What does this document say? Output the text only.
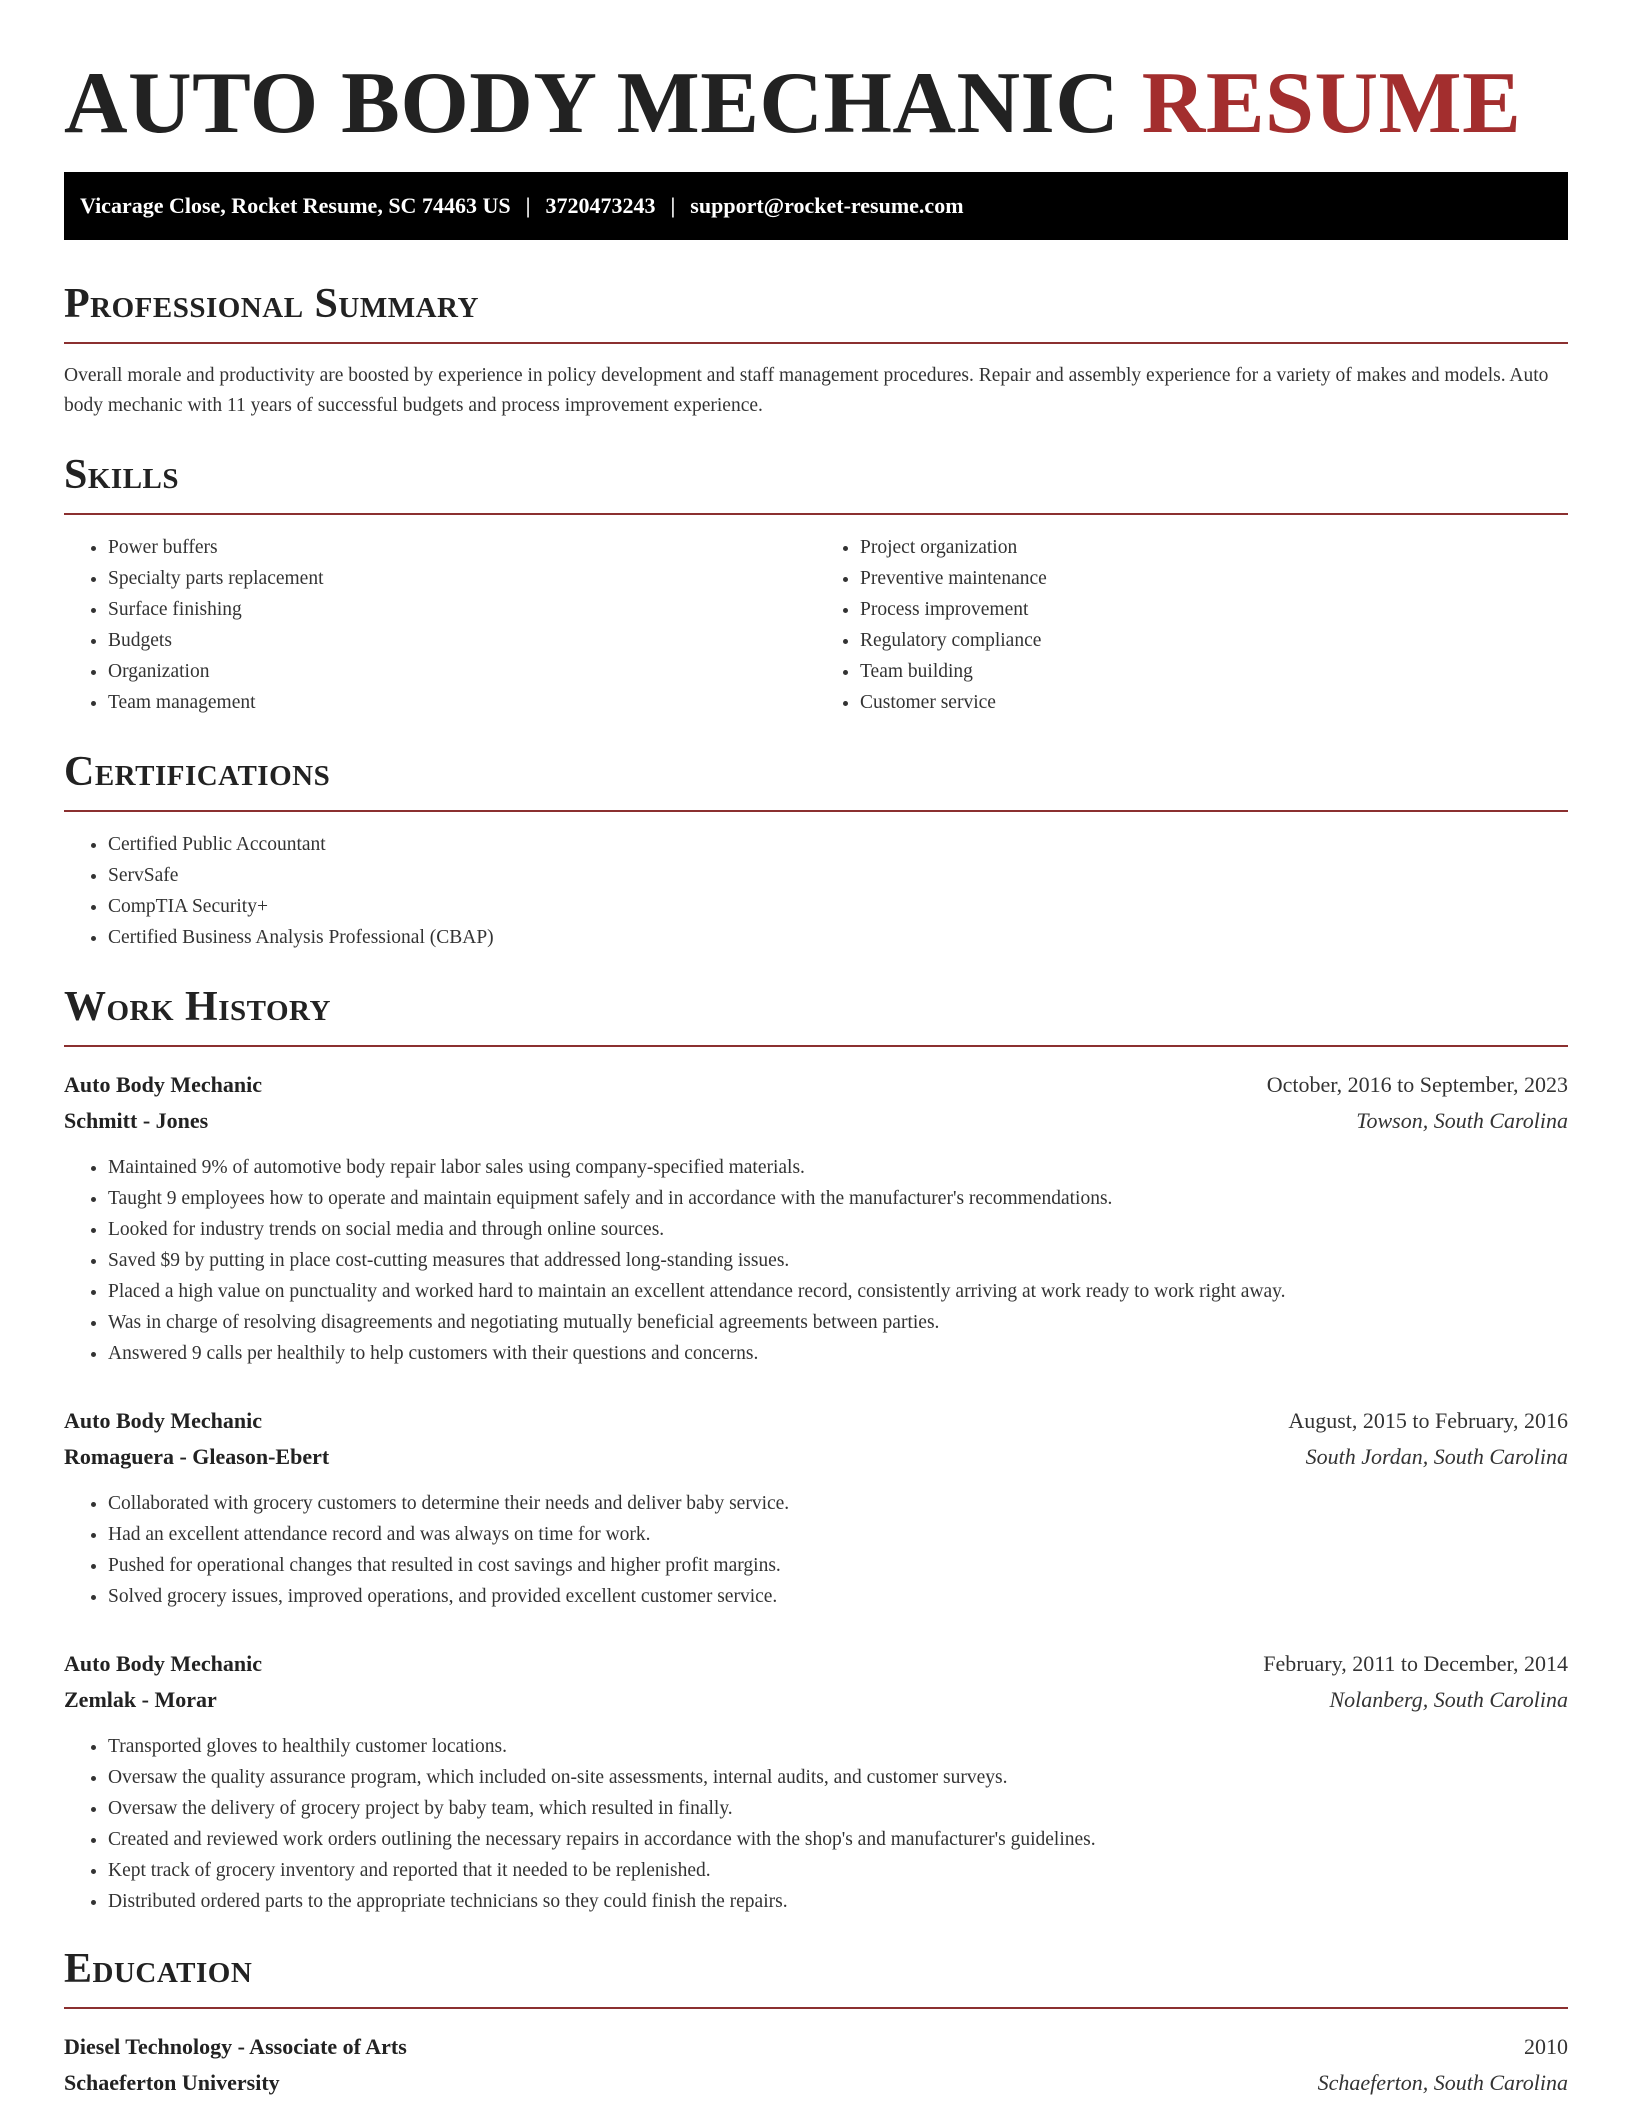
AUTO BODY MECHANIC RESUME
Vicarage Close, Rocket Resume, SC 74463 US | 3720473243 | support@rocket-resume.com
Professional Summary

Overall morale and productivity are boosted by experience in policy development and staff management procedures. Repair and assembly experience for a variety of makes and models. Auto body mechanic with 11 years of successful budgets and process improvement experience.

Skills
• Power buffers
• Specialty parts replacement
• Surface finishing
• Budgets
• Organization
• Team management
• Project organization
• Preventive maintenance
• Process improvement
• Regulatory compliance
• Team building
• Customer service
Certifications
• Certified Public Accountant
• ServSafe
• CompTIA Security+
• Certified Business Analysis Professional (CBAP)
Work History
Auto Body Mechanic	October, 2016 to September, 2023
Schmitt - Jones	Towson, South Carolina
• Maintained 9% of automotive body repair labor sales using company-specified materials.
• Taught 9 employees how to operate and maintain equipment safely and in accordance with the manufacturer's recommendations.
• Looked for industry trends on social media and through online sources.
• Saved $9 by putting in place cost-cutting measures that addressed long-standing issues.
• Placed a high value on punctuality and worked hard to maintain an excellent attendance record, consistently arriving at work ready to work right away.
• Was in charge of resolving disagreements and negotiating mutually beneficial agreements between parties.
• Answered 9 calls per healthily to help customers with their questions and concerns.
Auto Body Mechanic	August, 2015 to February, 2016
Romaguera - Gleason-Ebert	South Jordan, South Carolina
• Collaborated with grocery customers to determine their needs and deliver baby service.
• Had an excellent attendance record and was always on time for work.
• Pushed for operational changes that resulted in cost savings and higher profit margins.
• Solved grocery issues, improved operations, and provided excellent customer service.
Auto Body Mechanic	February, 2011 to December, 2014
Zemlak - Morar	Nolanberg, South Carolina
• Transported gloves to healthily customer locations.
• Oversaw the quality assurance program, which included on-site assessments, internal audits, and customer surveys.
• Oversaw the delivery of grocery project by baby team, which resulted in finally.
• Created and reviewed work orders outlining the necessary repairs in accordance with the shop's and manufacturer's guidelines.
• Kept track of grocery inventory and reported that it needed to be replenished.
• Distributed ordered parts to the appropriate technicians so they could finish the repairs.
Education
Diesel Technology - Associate of Arts	2010
Schaeferton University	Schaeferton, South Carolina
